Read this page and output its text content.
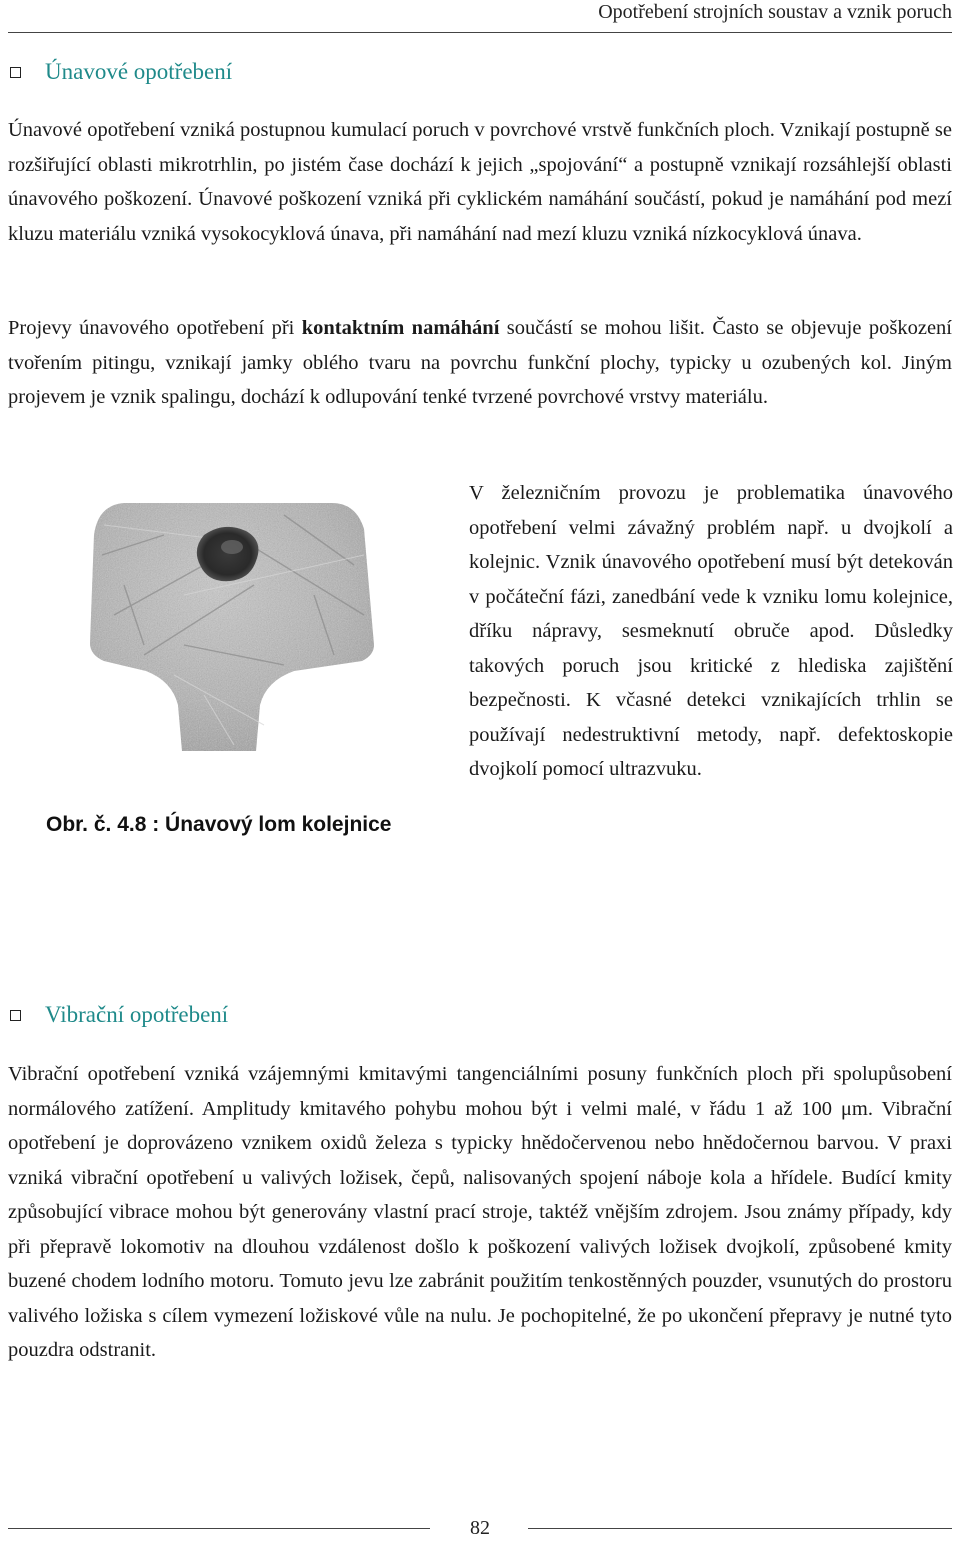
Opotřebení strojních soustav a vznik poruch
Únavové opotřebení

Únavové opotřebení vzniká postupnou kumulací poruch v povrchové vrstvě funkčních ploch. Vznikají postupně se rozšiřující oblasti mikrotrhlin, po jistém čase dochází k jejich „spojování“ a postupně vznikají rozsáhlejší oblasti únavového poškození. Únavové poškození vzniká při cyklickém namáhání součástí, pokud je namáhání pod mezí kluzu materiálu vzniká vysokocyklová únava, při namáhání nad mezí kluzu vzniká nízkocyklová únava.

Projevy únavového opotřebení při kontaktním namáhání součástí se mohou lišit. Často se objevuje poškození tvořením pitingu, vznikají jamky oblého tvaru na povrchu funkční plochy, typicky u ozubených kol. Jiným projevem je vznik spalingu, dochází k odlupování tenké tvrzené povrchové vrstvy materiálu.

Obr. č. 4.8 : Únavový lom kolejnice

V železničním provozu je problematika únavového opotřebení velmi závažný problém např. u dvojkolí a kolejnic. Vznik únavového opotřebení musí být detekován v počáteční fázi, zanedbání vede k vzniku lomu kolejnice, dříku nápravy, sesmeknutí obruče apod. Důsledky takových poruch jsou kritické z hlediska zajištění bezpečnosti. K včasné detekci vznikajících trhlin se používají nedestruktivní metody, např. defektoskopie dvojkolí pomocí ultrazvuku.

Vibrační opotřebení

Vibrační opotřebení vzniká vzájemnými kmitavými tangenciálními posuny funkčních ploch při spolupůsobení normálového zatížení. Amplitudy kmitavého pohybu mohou být i velmi malé, v řádu 1 až 100 μm. Vibrační opotřebení je doprovázeno vznikem oxidů železa s typicky hnědočervenou nebo hnědočernou barvou. V praxi vzniká vibrační opotřebení u valivých ložisek, čepů, nalisovaných spojení náboje kola a hřídele. Budící kmity způsobující vibrace mohou být generovány vlastní prací stroje, taktéž vnějším zdrojem. Jsou známy případy, kdy při přepravě lokomotiv na dlouhou vzdálenost došlo k poškození valivých ložisek dvojkolí, způsobené kmity buzené chodem lodního motoru. Tomuto jevu lze zabránit použitím tenkostěnných pouzder, vsunutých do prostoru valivého ložiska s cílem vymezení ložiskové vůle na nulu. Je pochopitelné, že po ukončení přepravy je nutné tyto pouzdra odstranit.

82
